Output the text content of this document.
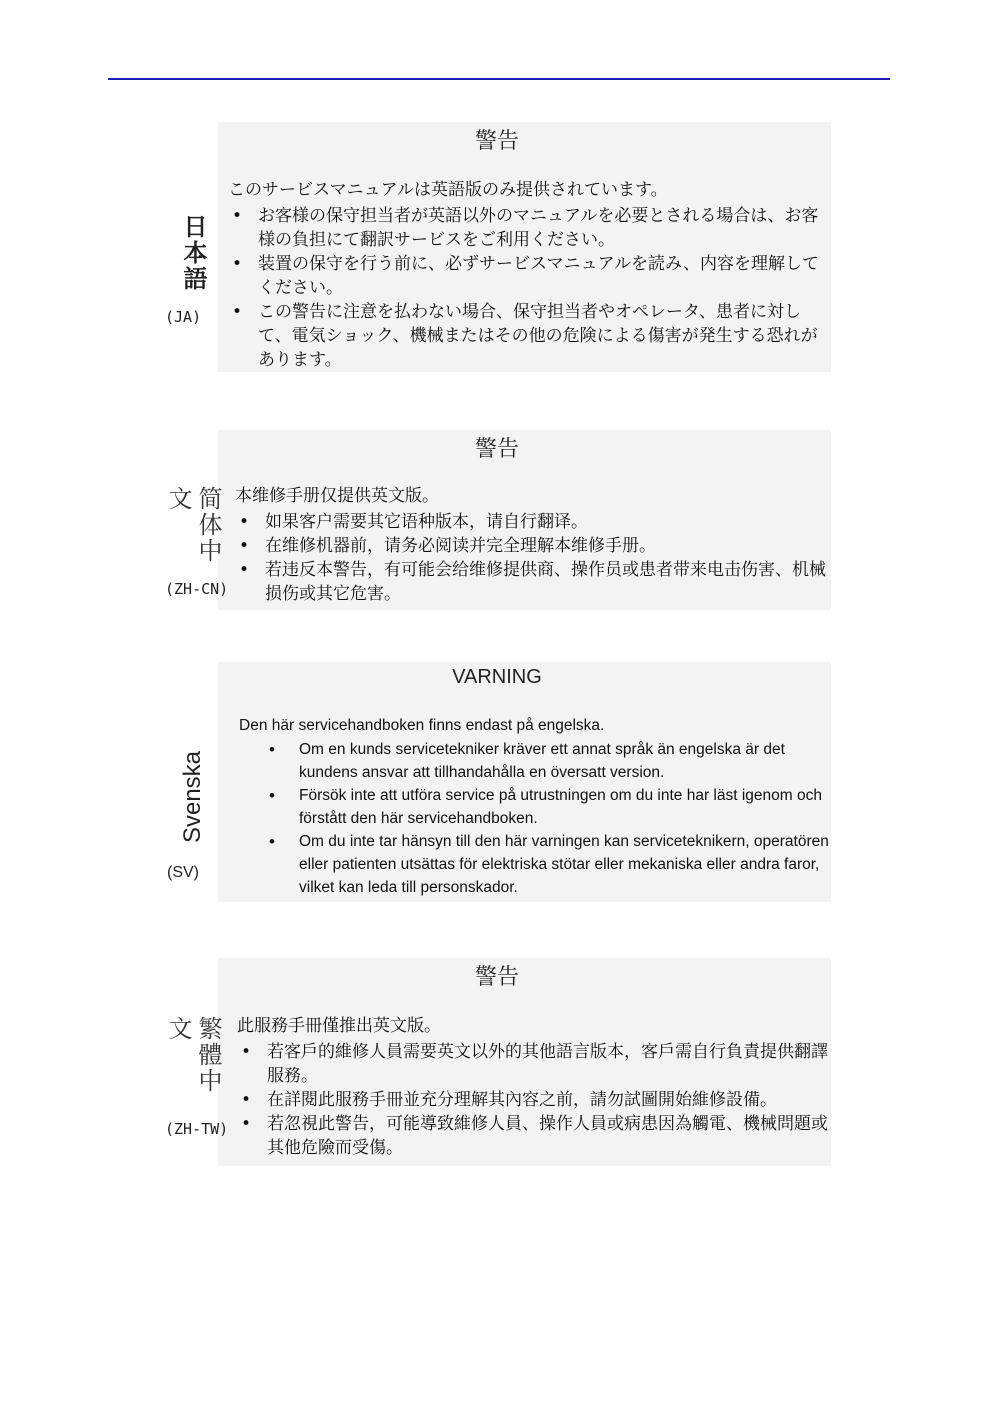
警告
日本語
(JA)

このサービスマニュアルは英語版のみ提供されています。

• お客様の保守担当者が英語以外のマニュアルを必要とされる場合は、お客様の負担にて翻訳サービスをご利用ください。
• 装置の保守を行う前に、必ずサービスマニュアルを読み、内容を理解してください。
• この警告に注意を払わない場合、保守担当者やオペレータ、患者に対して、電気ショック、機械またはその他の危険による傷害が発生する恐れがあります。
警告
简体中文
(ZH-CN)

本维修手册仅提供英文版。

• 如果客户需要其它语种版本，请自行翻译。
• 在维修机器前，请务必阅读并完全理解本维修手册。
• 若违反本警告，有可能会给维修提供商、操作员或患者带来电击伤害、机械损伤或其它危害。
VARNING
Svenska
(SV)

Den här servicehandboken finns endast på engelska.

• Om en kunds servicetekniker kräver ett annat språk än engelska är det kundens ansvar att tillhandahålla en översatt version.
• Försök inte att utföra service på utrustningen om du inte har läst igenom och förstått den här servicehandboken.
• Om du inte tar hänsyn till den här varningen kan serviceteknikern, operatören eller patienten utsättas för elektriska stötar eller mekaniska eller andra faror, vilket kan leda till personskador.
警告
繁體中文
(ZH-TW)

此服務手冊僅推出英文版。

• 若客戶的維修人員需要英文以外的其他語言版本，客戶需自行負責提供翻譯服務。
• 在詳閱此服務手冊並充分理解其內容之前，請勿試圖開始維修設備。
• 若忽視此警告，可能導致維修人員、操作人員或病患因為觸電、機械問題或其他危險而受傷。
